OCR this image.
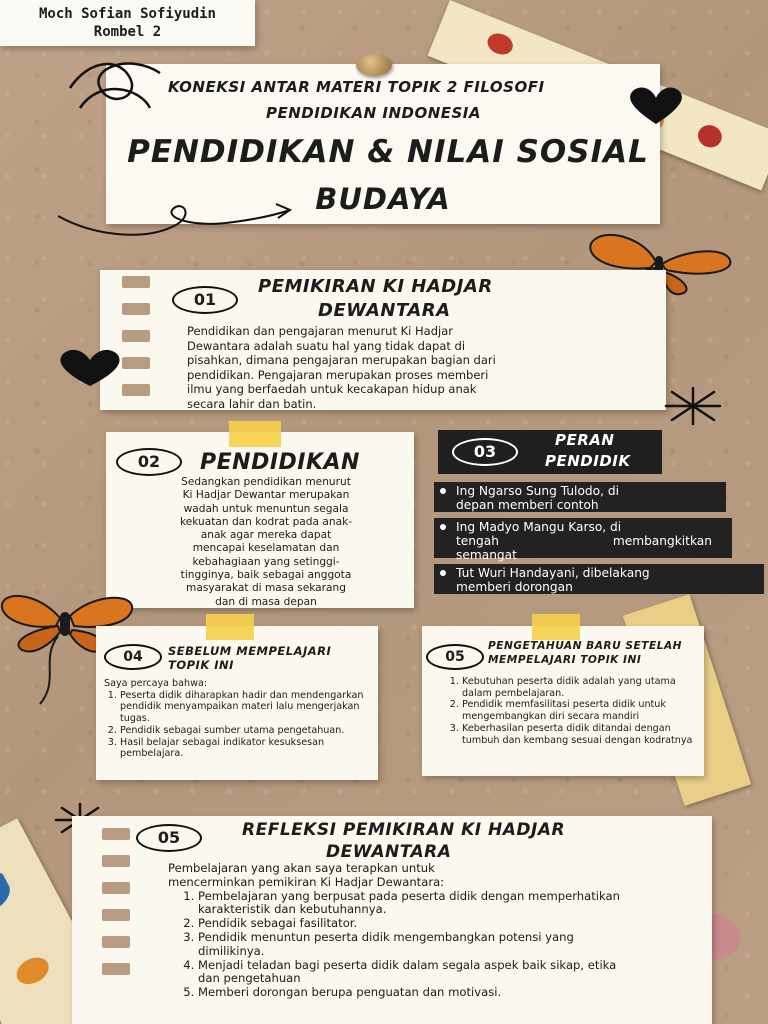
Moch Sofian Sofiyudin
Rombel 2
KONEKSI ANTAR MATERI TOPIK 2 FILOSOFI
PENDIDIKAN INDONESIA
PENDIDIKAN & NILAI SOSIAL
BUDAYA
01
PEMIKIRAN KI HADJAR
DEWANTARA
Pendidikan dan pengajaran menurut Ki Hadjar
Dewantara adalah suatu hal yang tidak dapat di
pisahkan, dimana pengajaran merupakan bagian dari
pendidikan. Pengajaran merupakan proses memberi
ilmu yang berfaedah untuk kecakapan hidup anak
secara lahir dan batin.
02	PENDIDIKAN
Sedangkan pendidikan menurut
Ki Hadjar Dewantar merupakan
wadah untuk menuntun segala
kekuatan dan kodrat pada anak-
anak agar mereka dapat
mencapai keselamatan dan
kebahagiaan yang setinggi-
tingginya, baik sebagai anggota
masyarakat di masa sekarang
dan di masa depan
03
PERAN
PENDIDIK
Ing Ngarso Sung Tulodo, di
depan memberi contoh
Ing Madyo Mangu Karso, di
tengah	membangkitkan
semangat
Tut Wuri Handayani, dibelakang
memberi dorongan
04	SEBELUM MEMPELAJARI
TOPIK INI
Saya percaya bahwa:
1. Peserta didik diharapkan hadir dan mendengarkan pendidik menyampaikan materi lalu mengerjakan tugas.
2. Pendidik sebagai sumber utama pengetahuan.
3. Hasil belajar sebagai indikator kesuksesan pembelajara.
05
PENGETAHUAN BARU SETELAH
MEMPELAJARI TOPIK INI
1. Kebutuhan peserta didik adalah yang utama dalam pembelajaran.
2. Pendidik memfasilitasi peserta didik untuk mengembangkan diri secara mandiri
3. Keberhasilan peserta didik ditandai dengan tumbuh dan kembang sesuai dengan kodratnya
05	REFLEKSI PEMIKIRAN KI HADJAR
DEWANTARA
Pembelajaran yang akan saya terapkan untuk
mencerminkan pemikiran Ki Hadjar Dewantara:
1. Pembelajaran yang berpusat pada peserta didik dengan memperhatikan karakteristik dan kebutuhannya.
2. Pendidik sebagai fasilitator.
3. Pendidik menuntun peserta didik mengembangkan potensi yang dimilikinya.
4. Menjadi teladan bagi peserta didik dalam segala aspek baik sikap, etika dan pengetahuan
5. Memberi dorongan berupa penguatan dan motivasi.
